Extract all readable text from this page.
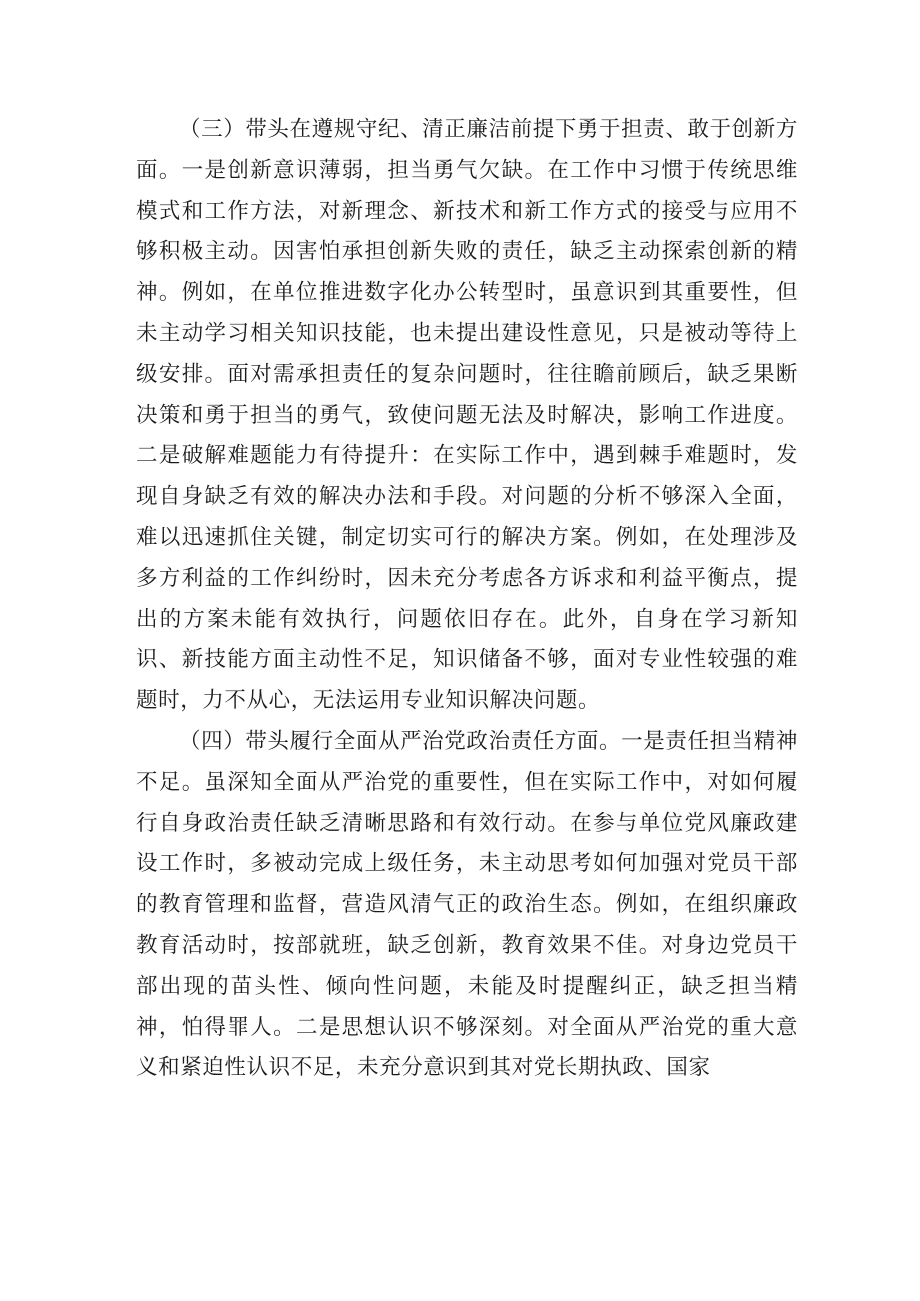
（三）带头在遵规守纪、清正廉洁前提下勇于担责、敢于创新方面。一是创新意识薄弱，担当勇气欠缺。在工作中习惯于传统思维模式和工作方法，对新理念、新技术和新工作方式的接受与应用不够积极主动。因害怕承担创新失败的责任，缺乏主动探索创新的精神。例如，在单位推进数字化办公转型时，虽意识到其重要性，但未主动学习相关知识技能，也未提出建设性意见，只是被动等待上级安排。面对需承担责任的复杂问题时，往往瞻前顾后，缺乏果断决策和勇于担当的勇气，致使问题无法及时解决，影响工作进度。二是破解难题能力有待提升：在实际工作中，遇到棘手难题时，发现自身缺乏有效的解决办法和手段。对问题的分析不够深入全面，难以迅速抓住关键，制定切实可行的解决方案。例如，在处理涉及多方利益的工作纠纷时，因未充分考虑各方诉求和利益平衡点，提出的方案未能有效执行，问题依旧存在。此外，自身在学习新知识、新技能方面主动性不足，知识储备不够，面对专业性较强的难题时，力不从心，无法运用专业知识解决问题。

（四）带头履行全面从严治党政治责任方面。一是责任担当精神不足。虽深知全面从严治党的重要性，但在实际工作中，对如何履行自身政治责任缺乏清晰思路和有效行动。在参与单位党风廉政建设工作时，多被动完成上级任务，未主动思考如何加强对党员干部的教育管理和监督，营造风清气正的政治生态。例如，在组织廉政教育活动时，按部就班，缺乏创新，教育效果不佳。对身边党员干部出现的苗头性、倾向性问题，未能及时提醒纠正，缺乏担当精神，怕得罪人。二是思想认识不够深刻。对全面从严治党的重大意义和紧迫性认识不足，未充分意识到其对党长期执政、国家
